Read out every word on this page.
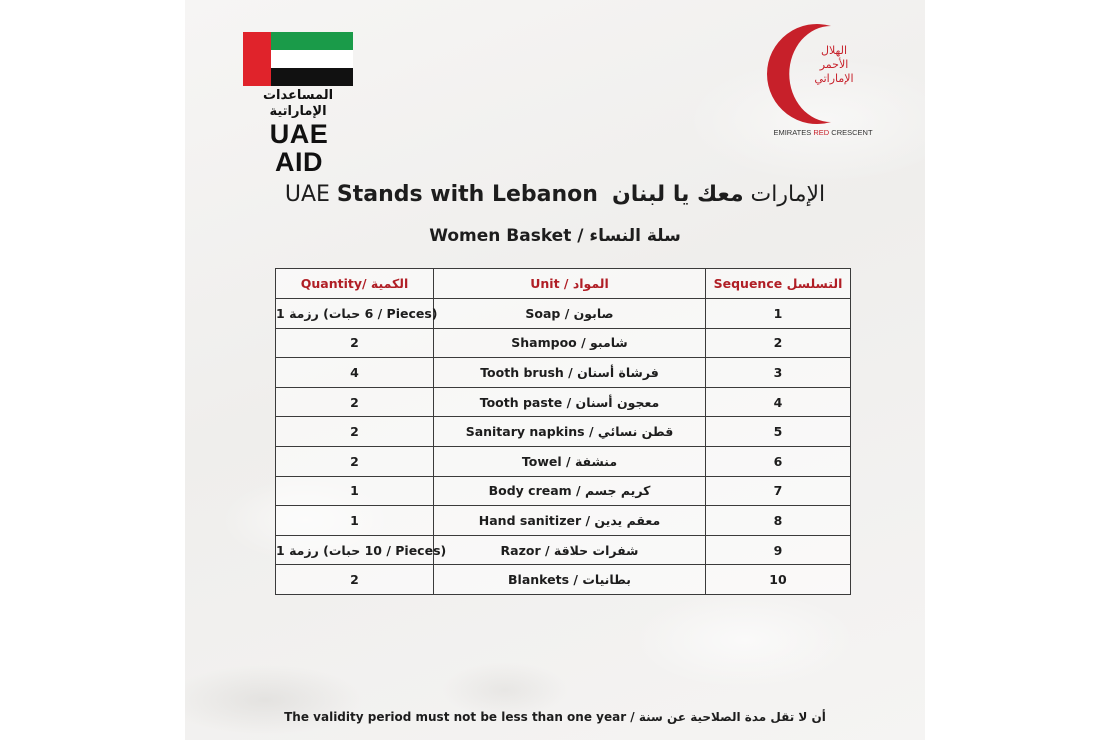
المساعدات الإماراتية
UAE AID
الهلال
الأحمر
الإماراتي
EMIRATES RED CRESCENT
UAE Stands with Lebanon	الإمارات معك يا لبنان
Women Basket / سلة النساء
Quantity/ الكمية	Unit / المواد	Sequence التسلسل
1 رزمة (6 حبات / Pieces)	Soap / صابون	1
2	Shampoo / شامبو	2
4	Tooth brush / فرشاة أسنان	3
2	Tooth paste / معجون أسنان	4
2	Sanitary napkins / قطن نسائي	5
2	Towel / منشفة	6
1	Body cream / كريم جسم	7
1	Hand sanitizer / معقم يدين	8
1 رزمة (10 حبات / Pieces)	Razor / شفرات حلاقة	9
2	Blankets / بطانيات	10
The validity period must not be less than one year / أن لا تقل مدة الصلاحية عن سنة
